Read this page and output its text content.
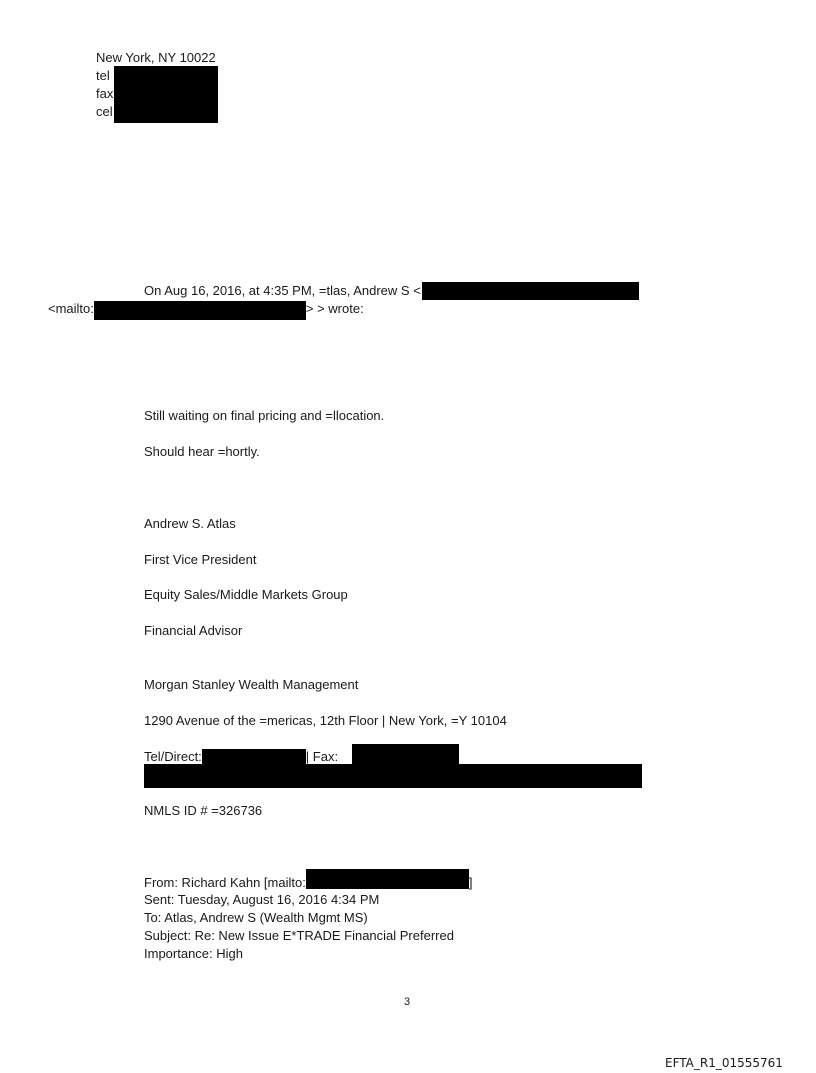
New York, NY 10022
tel
fax
cel
On Aug 16, 2016, at 4:35 PM, =tlas, Andrew S <
<mailto:	> > wrote:
Still waiting on final pricing and =llocation.
Should hear =hortly.
Andrew S. Atlas
First Vice President
Equity Sales/Middle Markets Group
Financial Advisor
Morgan Stanley Wealth Management
1290 Avenue of the =mericas, 12th Floor | New York, =Y 10104
Tel/Direct:	| Fax:
NMLS ID # =326736
From: Richard Kahn [mailto:	]
Sent: Tuesday, August 16, 2016 4:34 PM
To: Atlas, Andrew S (Wealth Mgmt MS)
Subject: Re: New Issue E*TRADE Financial Preferred
Importance: High
3
EFTA_R1_01555761
